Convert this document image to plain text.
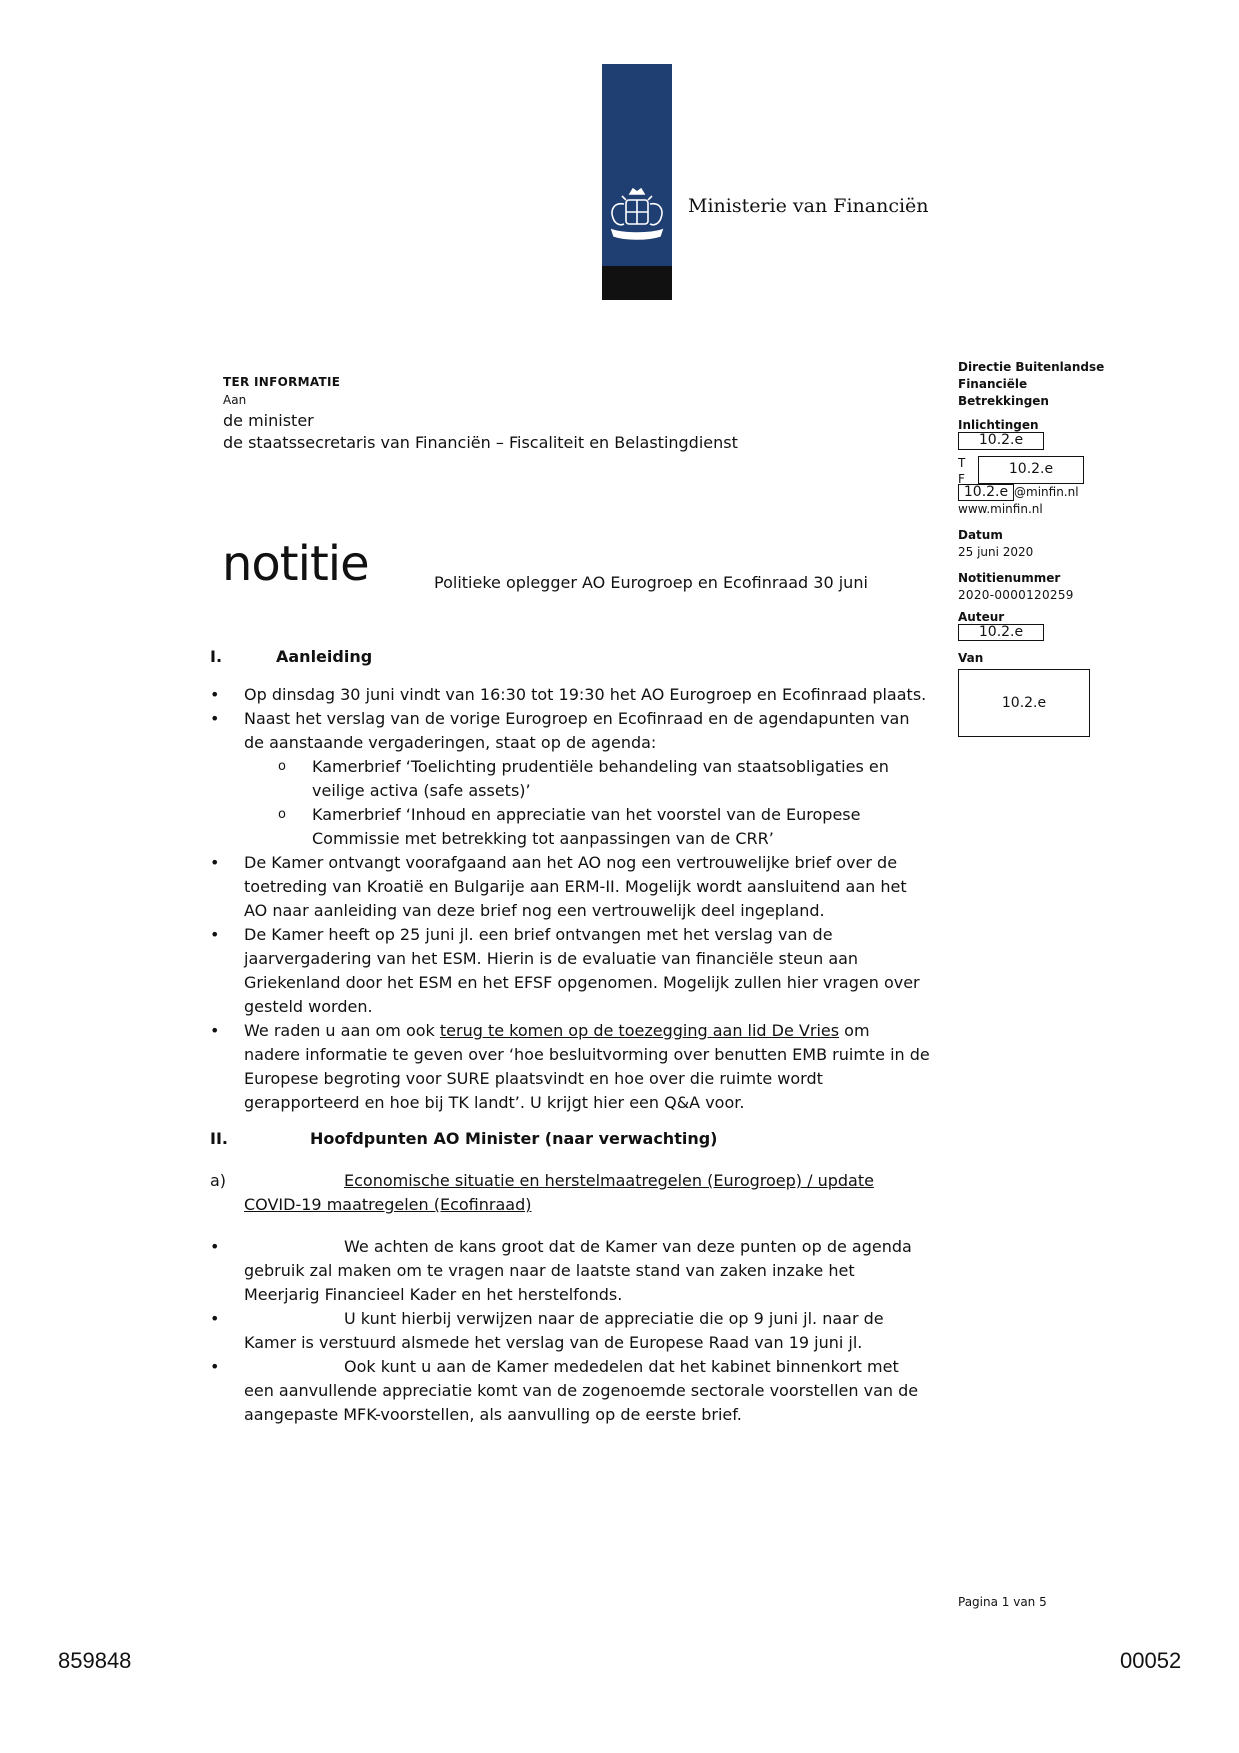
Ministerie van Financiën
TER INFORMATIE
Aan
de minister
de staatssecretaris van Financiën – Fiscaliteit en Belastingdienst
notitie	Politieke oplegger AO Eurogroep en Ecofinraad 30 juni
Directie Buitenlandse
Financiële
Betrekkingen
Inlichtingen
10.2.e
T
F
10.2.e
10.2.e @minfin.nl
www.minfin.nl
Datum
25 juni 2020
Notitienummer
2020-0000120259
Auteur
10.2.e
Van
10.2.e

I.	Aanleiding

• Op dinsdag 30 juni vindt van 16:30 tot 19:30 het AO Eurogroep en Ecofinraad plaats.
• Naast het verslag van de vorige Eurogroep en Ecofinraad en de agendapunten van de aanstaande vergaderingen, staat op de agenda:
o Kamerbrief ‘Toelichting prudentiële behandeling van staatsobligaties en veilige activa (safe assets)’
o Kamerbrief ‘Inhoud en appreciatie van het voorstel van de Europese Commissie met betrekking tot aanpassingen van de CRR’
• De Kamer ontvangt voorafgaand aan het AO nog een vertrouwelijke brief over de toetreding van Kroatië en Bulgarije aan ERM-II. Mogelijk wordt aansluitend aan het AO naar aanleiding van deze brief nog een vertrouwelijk deel ingepland.
• De Kamer heeft op 25 juni jl. een brief ontvangen met het verslag van de jaarvergadering van het ESM. Hierin is de evaluatie van financiële steun aan Griekenland door het ESM en het EFSF opgenomen. Mogelijk zullen hier vragen over gesteld worden.
• We raden u aan om ook terug te komen op de toezegging aan lid De Vries om nadere informatie te geven over ‘hoe besluitvorming over benutten EMB ruimte in de Europese begroting voor SURE plaatsvindt en hoe over die ruimte wordt gerapporteerd en hoe bij TK landt’. U krijgt hier een Q&A voor.

II.	Hoofdpunten AO Minister (naar verwachting)

a)	Economische situatie en herstelmaatregelen (Eurogroep) / update COVID-19 maatregelen (Ecofinraad)
• We achten de kans groot dat de Kamer van deze punten op de agenda gebruik zal maken om te vragen naar de laatste stand van zaken inzake het Meerjarig Financieel Kader en het herstelfonds.
• U kunt hierbij verwijzen naar de appreciatie die op 9 juni jl. naar de Kamer is verstuurd alsmede het verslag van de Europese Raad van 19 juni jl.
• Ook kunt u aan de Kamer mededelen dat het kabinet binnenkort met een aanvullende appreciatie komt van de zogenoemde sectorale voorstellen van de aangepaste MFK-voorstellen, als aanvulling op de eerste brief.
Pagina 1 van 5
859848	00052
